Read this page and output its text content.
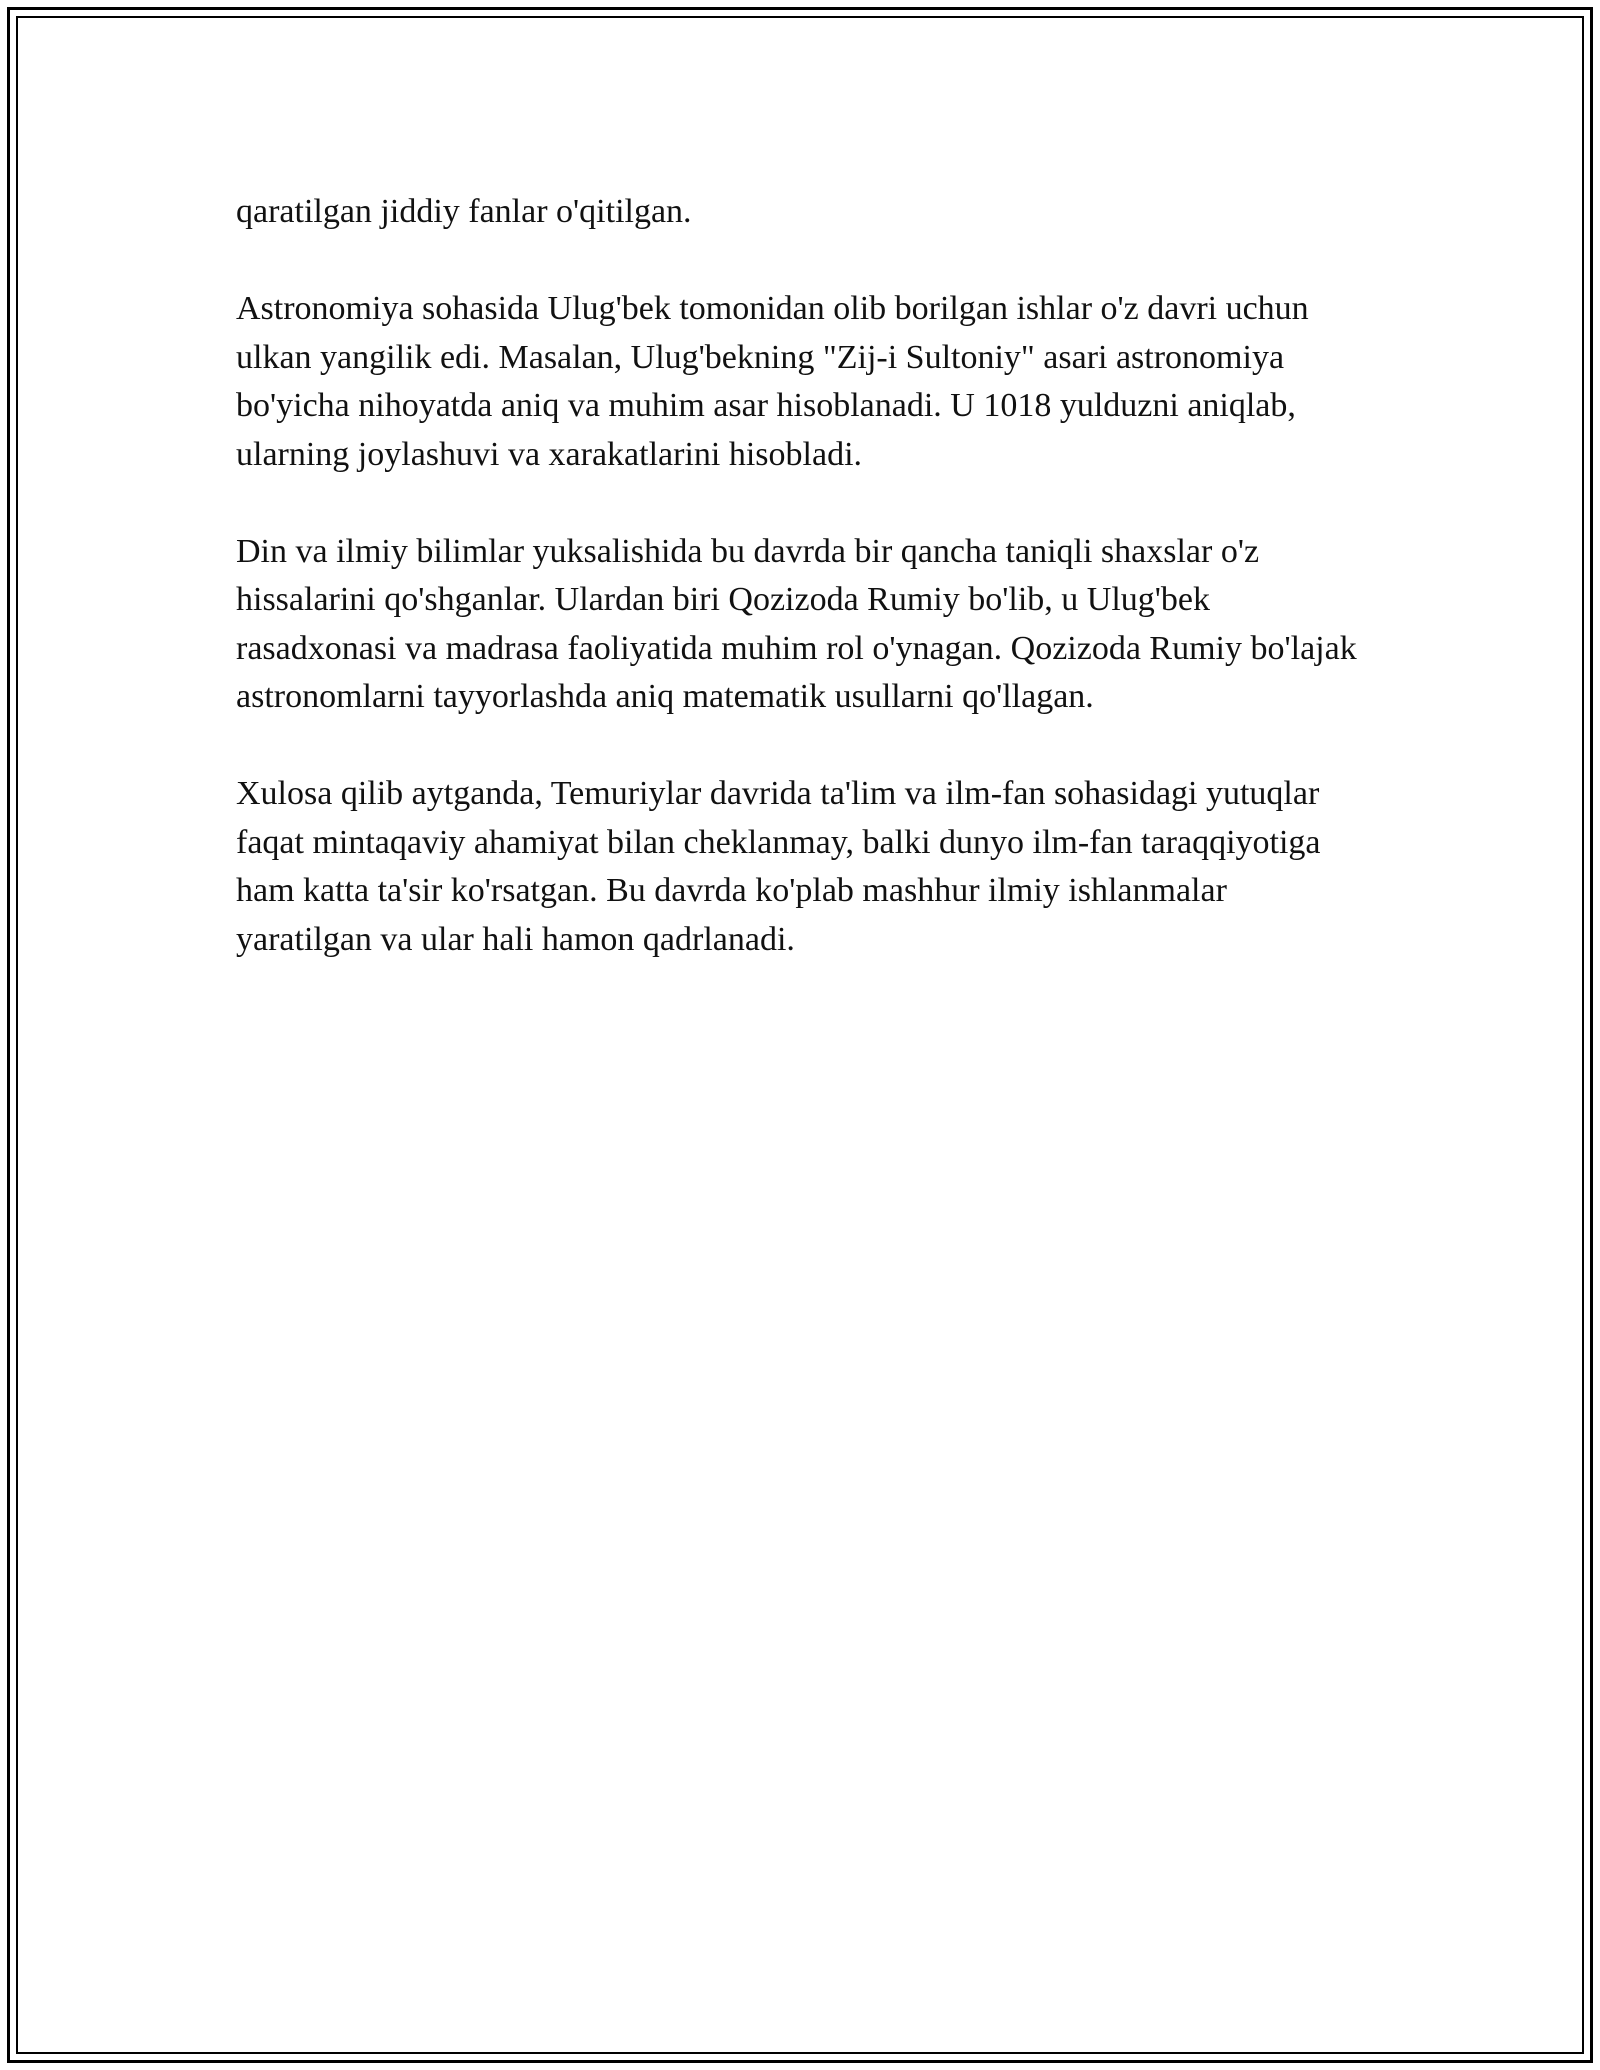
qaratilgan jiddiy fanlar o'qitilgan.

Astronomiya sohasida Ulug'bek tomonidan olib borilgan ishlar o'z davri uchun ulkan yangilik edi. Masalan, Ulug'bekning "Zij-i Sultoniy" asari astronomiya bo'yicha nihoyatda aniq va muhim asar hisoblanadi. U 1018 yulduzni aniqlab, ularning joylashuvi va xarakatlarini hisobladi.

Din va ilmiy bilimlar yuksalishida bu davrda bir qancha taniqli shaxslar o'z hissalarini qo'shganlar. Ulardan biri Qozizoda Rumiy bo'lib, u Ulug'bek rasadxonasi va madrasa faoliyatida muhim rol o'ynagan. Qozizoda Rumiy bo'lajak astronomlarni tayyorlashda aniq matematik usullarni qo'llagan.

Xulosa qilib aytganda, Temuriylar davrida ta'lim va ilm-fan sohasidagi yutuqlar faqat mintaqaviy ahamiyat bilan cheklanmay, balki dunyo ilm-fan taraqqiyotiga ham katta ta'sir ko'rsatgan. Bu davrda ko'plab mashhur ilmiy ishlanmalar yaratilgan va ular hali hamon qadrlanadi.
